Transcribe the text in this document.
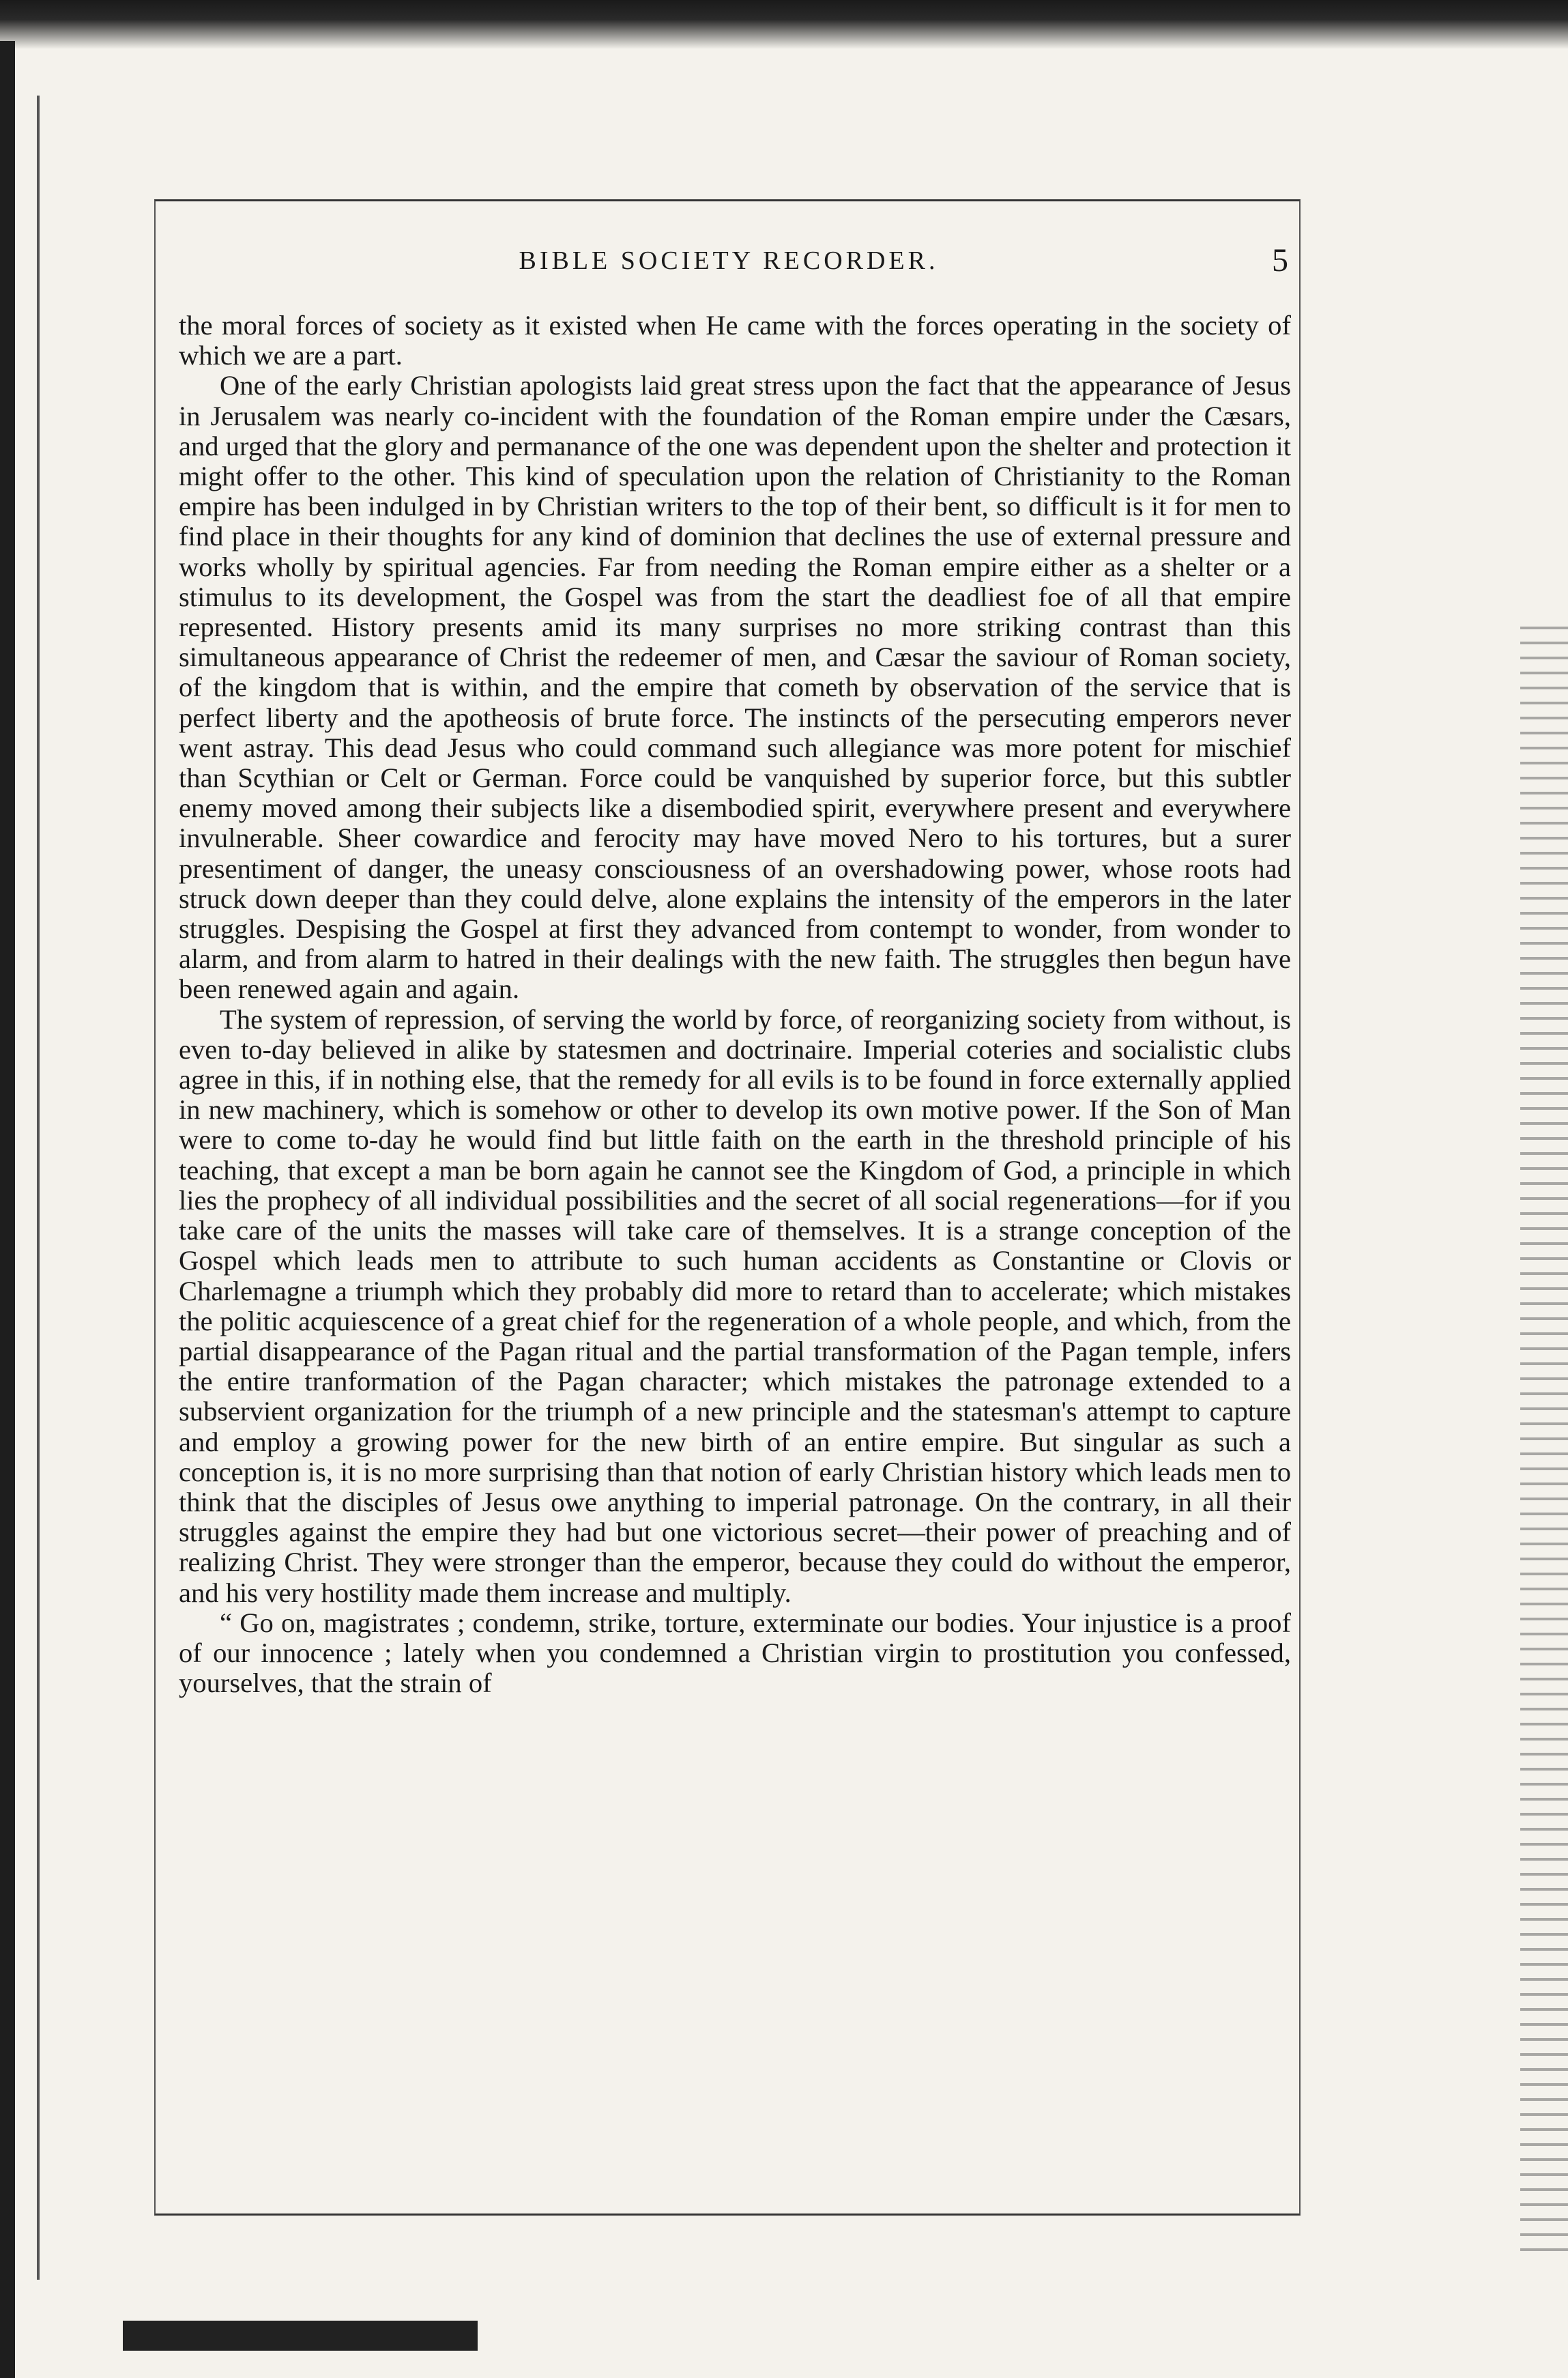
BIBLE SOCIETY RECORDER.	5

the moral forces of society as it existed when He came with the forces operating in the society of which we are a part.

One of the early Christian apologists laid great stress upon the fact that the appearance of Jesus in Jerusalem was nearly co-incident with the foundation of the Roman empire under the Cæsars, and urged that the glory and permanance of the one was dependent upon the shelter and protection it might offer to the other. This kind of speculation upon the relation of Christianity to the Roman empire has been indulged in by Christian writers to the top of their bent, so difficult is it for men to find place in their thoughts for any kind of dominion that declines the use of external pressure and works wholly by spiritual agencies. Far from needing the Roman empire either as a shelter or a stimulus to its development, the Gospel was from the start the deadliest foe of all that empire represented. History presents amid its many surprises no more striking contrast than this simultaneous appearance of Christ the redeemer of men, and Cæsar the saviour of Roman society, of the kingdom that is within, and the empire that cometh by observation of the service that is perfect liberty and the apotheosis of brute force. The instincts of the persecuting emperors never went astray. This dead Jesus who could command such allegiance was more potent for mischief than Scythian or Celt or German. Force could be vanquished by superior force, but this subtler enemy moved among their subjects like a disembodied spirit, everywhere present and everywhere invulnerable. Sheer cowardice and ferocity may have moved Nero to his tortures, but a surer presentiment of danger, the uneasy consciousness of an overshadowing power, whose roots had struck down deeper than they could delve, alone explains the intensity of the emperors in the later struggles. Despising the Gospel at first they advanced from contempt to wonder, from wonder to alarm, and from alarm to hatred in their dealings with the new faith. The struggles then begun have been renewed again and again.

The system of repression, of serving the world by force, of reorganizing society from without, is even to-day believed in alike by statesmen and doctrinaire. Imperial coteries and socialistic clubs agree in this, if in nothing else, that the remedy for all evils is to be found in force externally applied in new machinery, which is somehow or other to develop its own motive power. If the Son of Man were to come to-day he would find but little faith on the earth in the threshold principle of his teaching, that except a man be born again he cannot see the Kingdom of God, a principle in which lies the prophecy of all individual possibilities and the secret of all social regenerations—for if you take care of the units the masses will take care of themselves. It is a strange conception of the Gospel which leads men to attribute to such human accidents as Constantine or Clovis or Charlemagne a triumph which they probably did more to retard than to accelerate; which mistakes the politic acquiescence of a great chief for the regeneration of a whole people, and which, from the partial disappearance of the Pagan ritual and the partial transformation of the Pagan temple, infers the entire tranformation of the Pagan character; which mistakes the patronage extended to a subservient organization for the triumph of a new principle and the statesman's attempt to capture and employ a growing power for the new birth of an entire empire. But singular as such a conception is, it is no more surprising than that notion of early Christian history which leads men to think that the disciples of Jesus owe anything to imperial patronage. On the contrary, in all their struggles against the empire they had but one victorious secret—their power of preaching and of realizing Christ. They were stronger than the emperor, because they could do without the emperor, and his very hostility made them increase and multiply.

“ Go on, magistrates ; condemn, strike, torture, exterminate our bodies. Your injustice is a proof of our innocence ; lately when you condemned a Christian virgin to prostitution you confessed, yourselves, that the strain of
